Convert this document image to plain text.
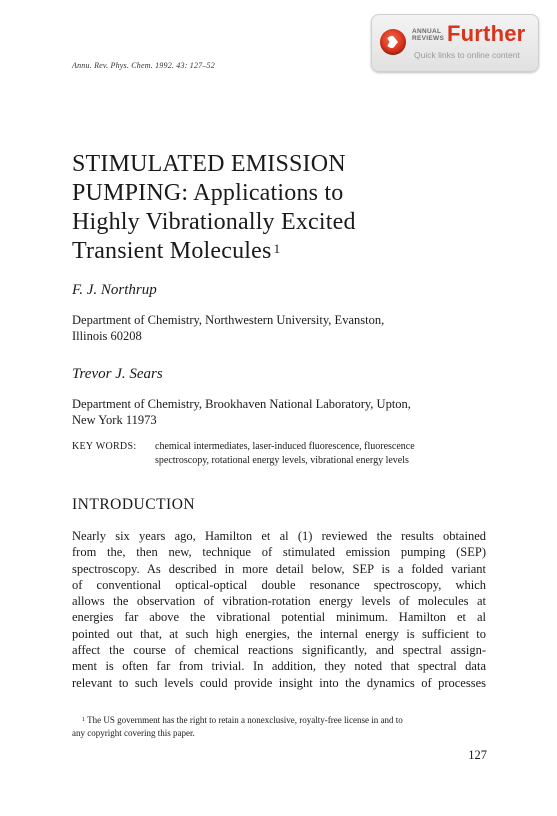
ANNUAL
REVIEWS Further
Quick links to online content
Annu. Rev. Phys. Chem. 1992. 43: 127–52
STIMULATED EMISSION
PUMPING: Applications to
Highly Vibrationally Excited
Transient Molecules $^1$
F. J. Northrup
Department of Chemistry, Northwestern University, Evanston,
Illinois 60208
Trevor J. Sears
Department of Chemistry, Brookhaven National Laboratory, Upton,
New York 11973
KEY WORDS: chemical intermediates, laser-induced fluorescence, fluorescence
spectroscopy, rotational energy levels, vibrational energy levels
INTRODUCTION
Nearly six years ago, Hamilton et al (1) reviewed the results obtained
from the, then new, technique of stimulated emission pumping (SEP)
spectroscopy. As described in more detail below, SEP is a folded variant
of conventional optical-optical double resonance spectroscopy, which
allows the observation of vibration-rotation energy levels of molecules at
energies far above the vibrational potential minimum. Hamilton et al
pointed out that, at such high energies, the internal energy is sufficient to
affect the course of chemical reactions significantly, and spectral assign-
ment is often far from trivial. In addition, they noted that spectral data
relevant to such levels could provide insight into the dynamics of processes
$^1$ The US government has the right to retain a nonexclusive, royalty-free license in and to
any copyright covering this paper.
127
